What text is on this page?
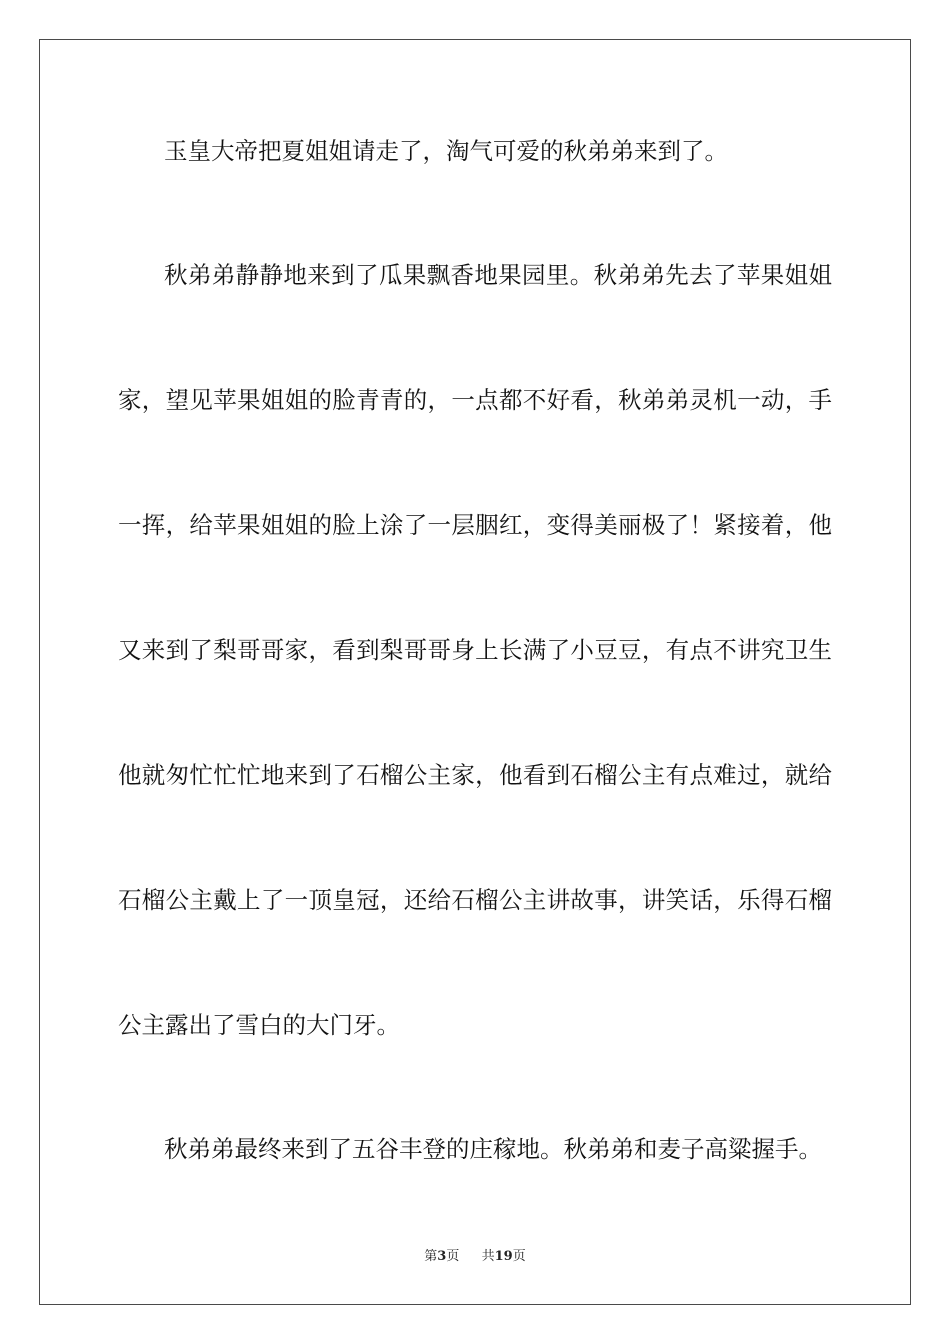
玉皇大帝把夏姐姐请走了，淘气可爱的秋弟弟来到了。

秋弟弟静静地来到了瓜果飘香地果园里。秋弟弟先去了苹果姐姐

家，望见苹果姐姐的脸青青的，一点都不好看，秋弟弟灵机一动，手

一挥，给苹果姐姐的脸上涂了一层胭红，变得美丽极了！紧接着，他

又来到了梨哥哥家，看到梨哥哥身上长满了小豆豆，有点不讲究卫生

他就匆忙忙忙地来到了石榴公主家，他看到石榴公主有点难过，就给

石榴公主戴上了一顶皇冠，还给石榴公主讲故事，讲笑话，乐得石榴

公主露出了雪白的大门牙。

秋弟弟最终来到了五谷丰登的庄稼地。秋弟弟和麦子高粱握手。

第3页 共19页
